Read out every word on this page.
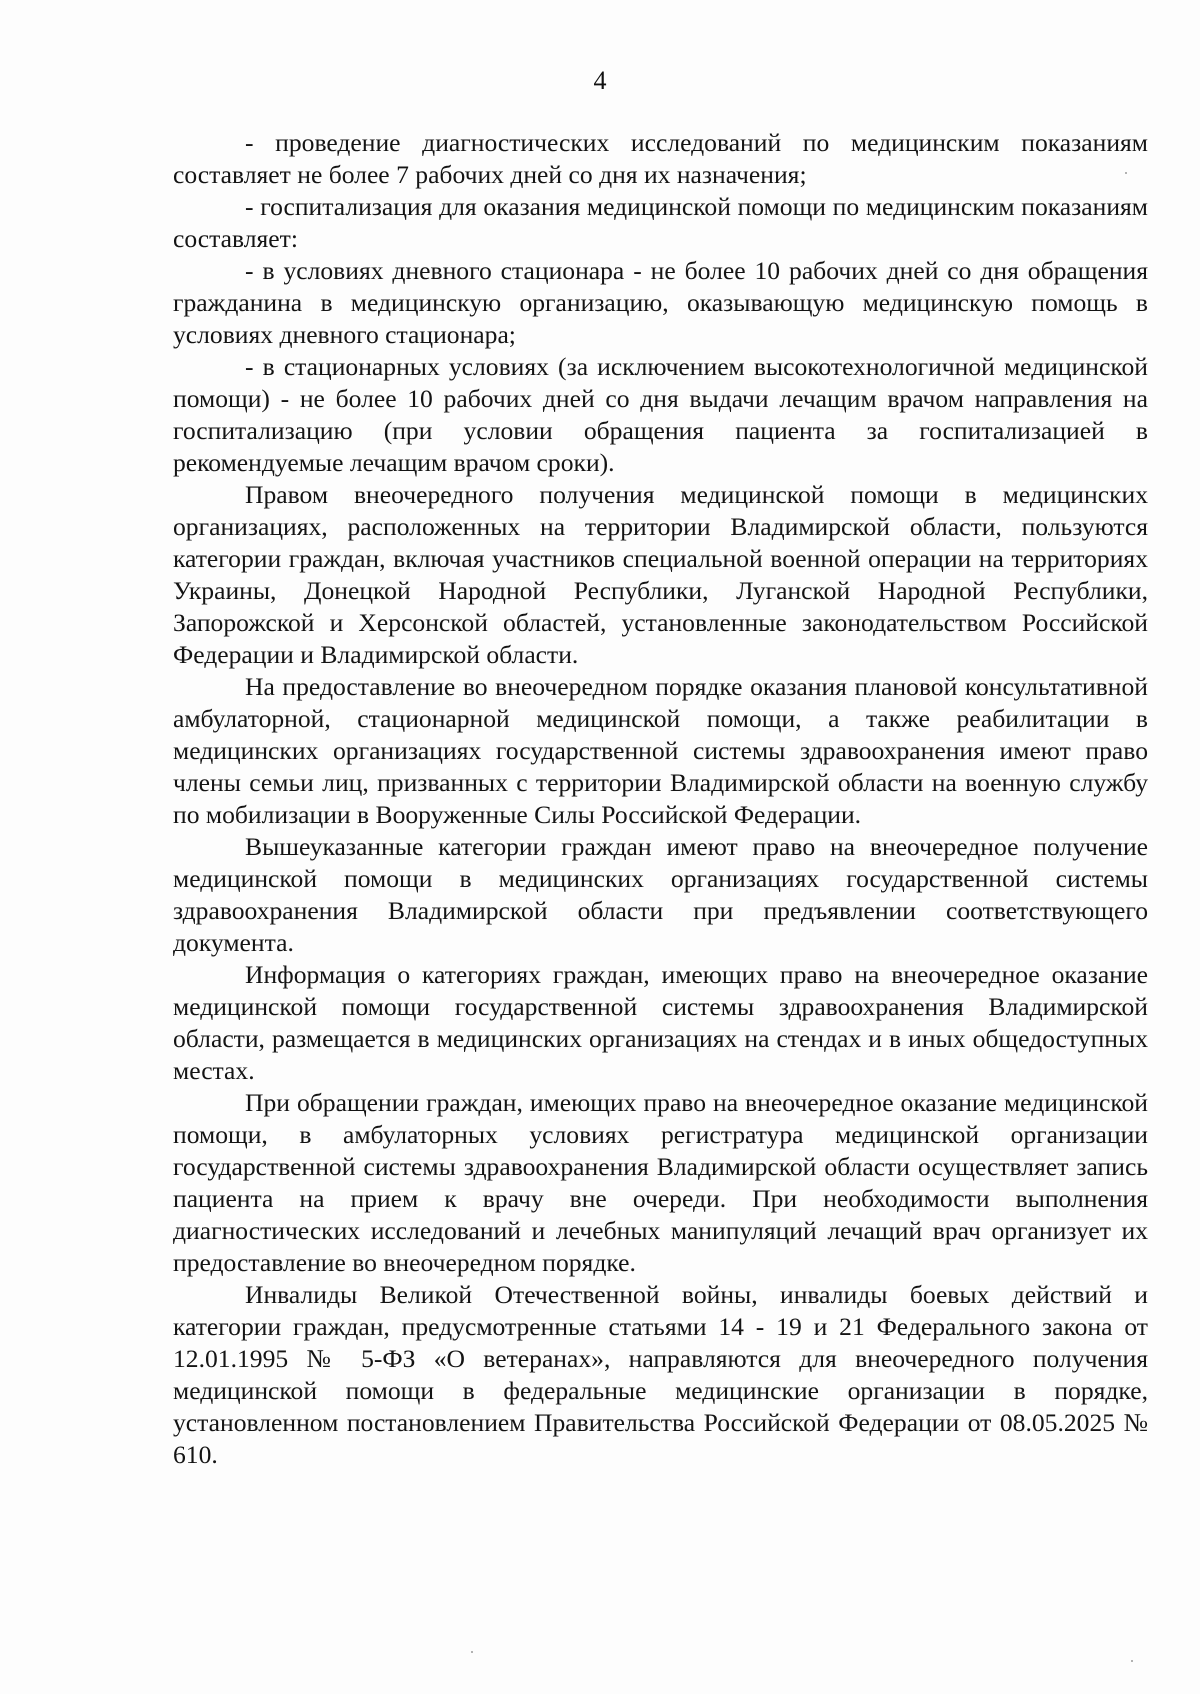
4

- проведение диагностических исследований по медицинским показаниям составляет не более 7 рабочих дней со дня их назначения;

- госпитализация для оказания медицинской помощи по медицинским показаниям составляет:

- в условиях дневного стационара - не более 10 рабочих дней со дня обращения гражданина в медицинскую организацию, оказывающую медицинскую помощь в условиях дневного стационара;

- в стационарных условиях (за исключением высокотехнологичной медицинской помощи) - не более 10 рабочих дней со дня выдачи лечащим врачом направления на госпитализацию (при условии обращения пациента за госпитализацией в рекомендуемые лечащим врачом сроки).

Правом внеочередного получения медицинской помощи в медицинских организациях, расположенных на территории Владимирской области, пользуются категории граждан, включая участников специальной военной операции на территориях Украины, Донецкой Народной Республики, Луганской Народной Республики, Запорожской и Херсонской областей, установленные законодательством Российской Федерации и Владимирской области.

На предоставление во внеочередном порядке оказания плановой консультативной амбулаторной, стационарной медицинской помощи, а также реабилитации в медицинских организациях государственной системы здравоохранения имеют право члены семьи лиц, призванных с территории Владимирской области на военную службу по мобилизации в Вооруженные Силы Российской Федерации.

Вышеуказанные категории граждан имеют право на внеочередное получение медицинской помощи в медицинских организациях государственной системы здравоохранения Владимирской области при предъявлении соответствующего документа.

Информация о категориях граждан, имеющих право на внеочередное оказание медицинской помощи государственной системы здравоохранения Владимирской области, размещается в медицинских организациях на стендах и в иных общедоступных местах.

При обращении граждан, имеющих право на внеочередное оказание медицинской помощи, в амбулаторных условиях регистратура медицинской организации государственной системы здравоохранения Владимирской области осуществляет запись пациента на прием к врачу вне очереди. При необходимости выполнения диагностических исследований и лечебных манипуляций лечащий врач организует их предоставление во внеочередном порядке.

Инвалиды Великой Отечественной войны, инвалиды боевых действий и категории граждан, предусмотренные статьями 14 - 19 и 21 Федерального закона от 12.01.1995 № 5-ФЗ «О ветеранах», направляются для внеочередного получения медицинской помощи в федеральные медицинские организации в порядке, установленном постановлением Правительства Российской Федерации от 08.05.2025 № 610.
